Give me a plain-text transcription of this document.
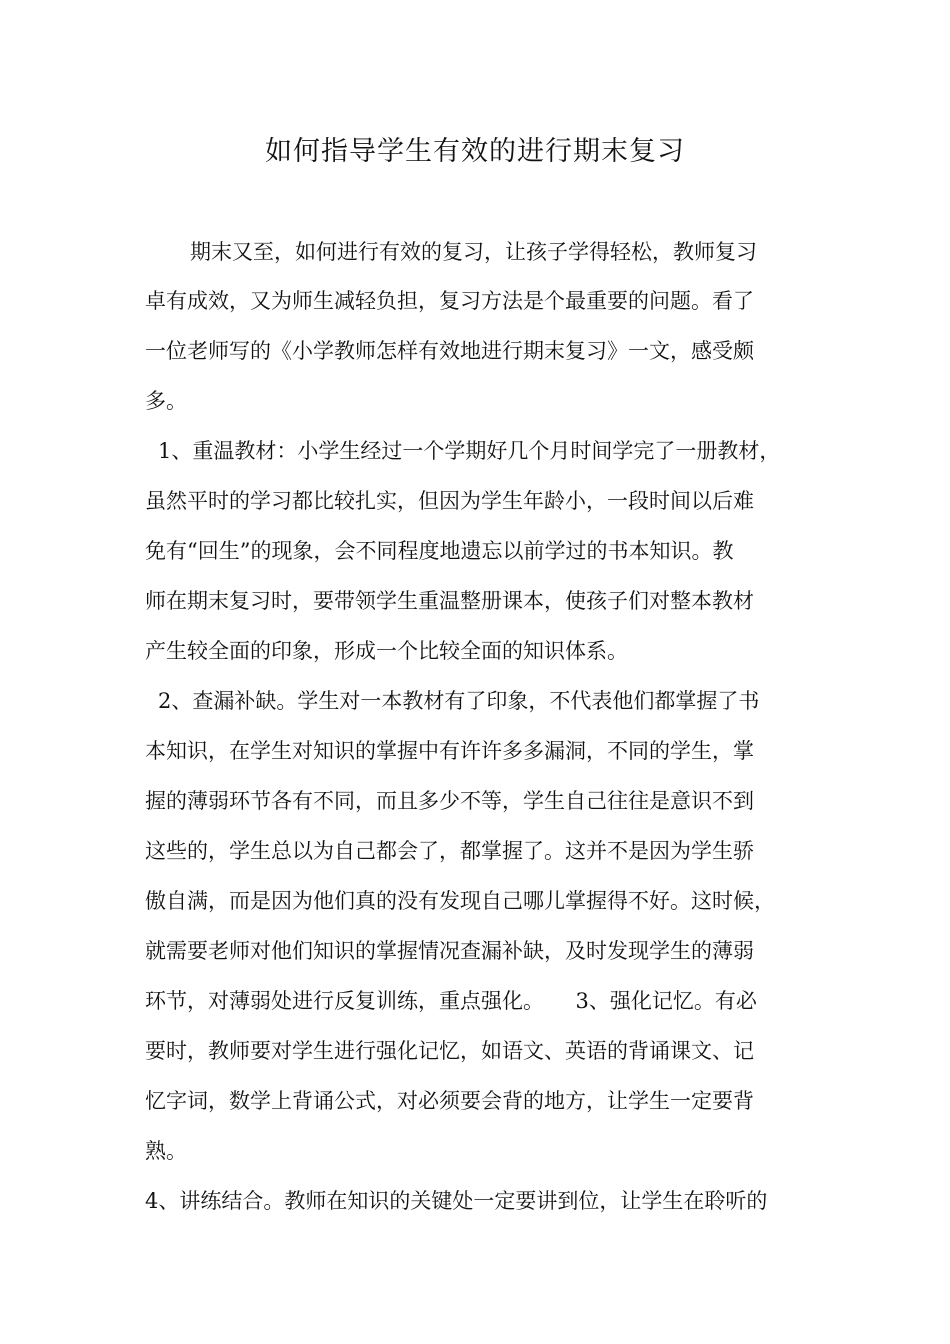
如何指导学生有效的进行期末复习
期末又至，如何进行有效的复习，让孩子学得轻松，教师复习
卓有成效，又为师生减轻负担，复习方法是个最重要的问题。看了
一位老师写的《小学教师怎样有效地进行期末复习》一文，感受颇
多。
1、重温教材：小学生经过一个学期好几个月时间学完了一册教材，
虽然平时的学习都比较扎实，但因为学生年龄小，一段时间以后难
免有“回生”的现象，会不同程度地遗忘以前学过的书本知识。教
师在期末复习时，要带领学生重温整册课本，使孩子们对整本教材
产生较全面的印象，形成一个比较全面的知识体系。
2、查漏补缺。学生对一本教材有了印象，不代表他们都掌握了书
本知识，在学生对知识的掌握中有许许多多漏洞，不同的学生，掌
握的薄弱环节各有不同，而且多少不等，学生自己往往是意识不到
这些的，学生总以为自己都会了，都掌握了。这并不是因为学生骄
傲自满，而是因为他们真的没有发现自己哪儿掌握得不好。这时候，
就需要老师对他们知识的掌握情况查漏补缺，及时发现学生的薄弱
环节，对薄弱处进行反复训练，重点强化。　　3、强化记忆。有必
要时，教师要对学生进行强化记忆，如语文、英语的背诵课文、记
忆字词，数学上背诵公式，对必须要会背的地方，让学生一定要背
熟。
4、讲练结合。教师在知识的关键处一定要讲到位，让学生在聆听的
